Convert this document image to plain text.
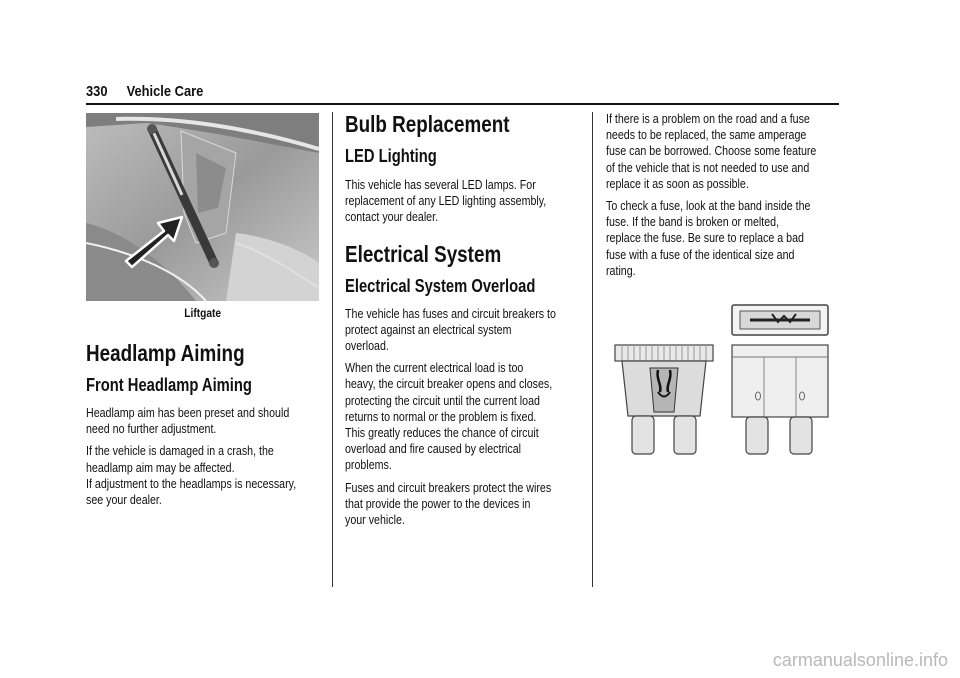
330 Vehicle Care
Liftgate
Headlamp Aiming
Front Headlamp Aiming

Headlamp aim has been preset and should
need no further adjustment.

If the vehicle is damaged in a crash, the
headlamp aim may be affected.
If adjustment to the headlamps is necessary,
see your dealer.

Bulb Replacement
LED Lighting

This vehicle has several LED lamps. For
replacement of any LED lighting assembly,
contact your dealer.

Electrical System
Electrical System Overload

The vehicle has fuses and circuit breakers to
protect against an electrical system
overload.

When the current electrical load is too
heavy, the circuit breaker opens and closes,
protecting the circuit until the current load
returns to normal or the problem is fixed.
This greatly reduces the chance of circuit
overload and fire caused by electrical
problems.

Fuses and circuit breakers protect the wires
that provide the power to the devices in
your vehicle.

If there is a problem on the road and a fuse
needs to be replaced, the same amperage
fuse can be borrowed. Choose some feature
of the vehicle that is not needed to use and
replace it as soon as possible.

To check a fuse, look at the band inside the
fuse. If the band is broken or melted,
replace the fuse. Be sure to replace a bad
fuse with a fuse of the identical size and
rating.

carmanualsonline.info
